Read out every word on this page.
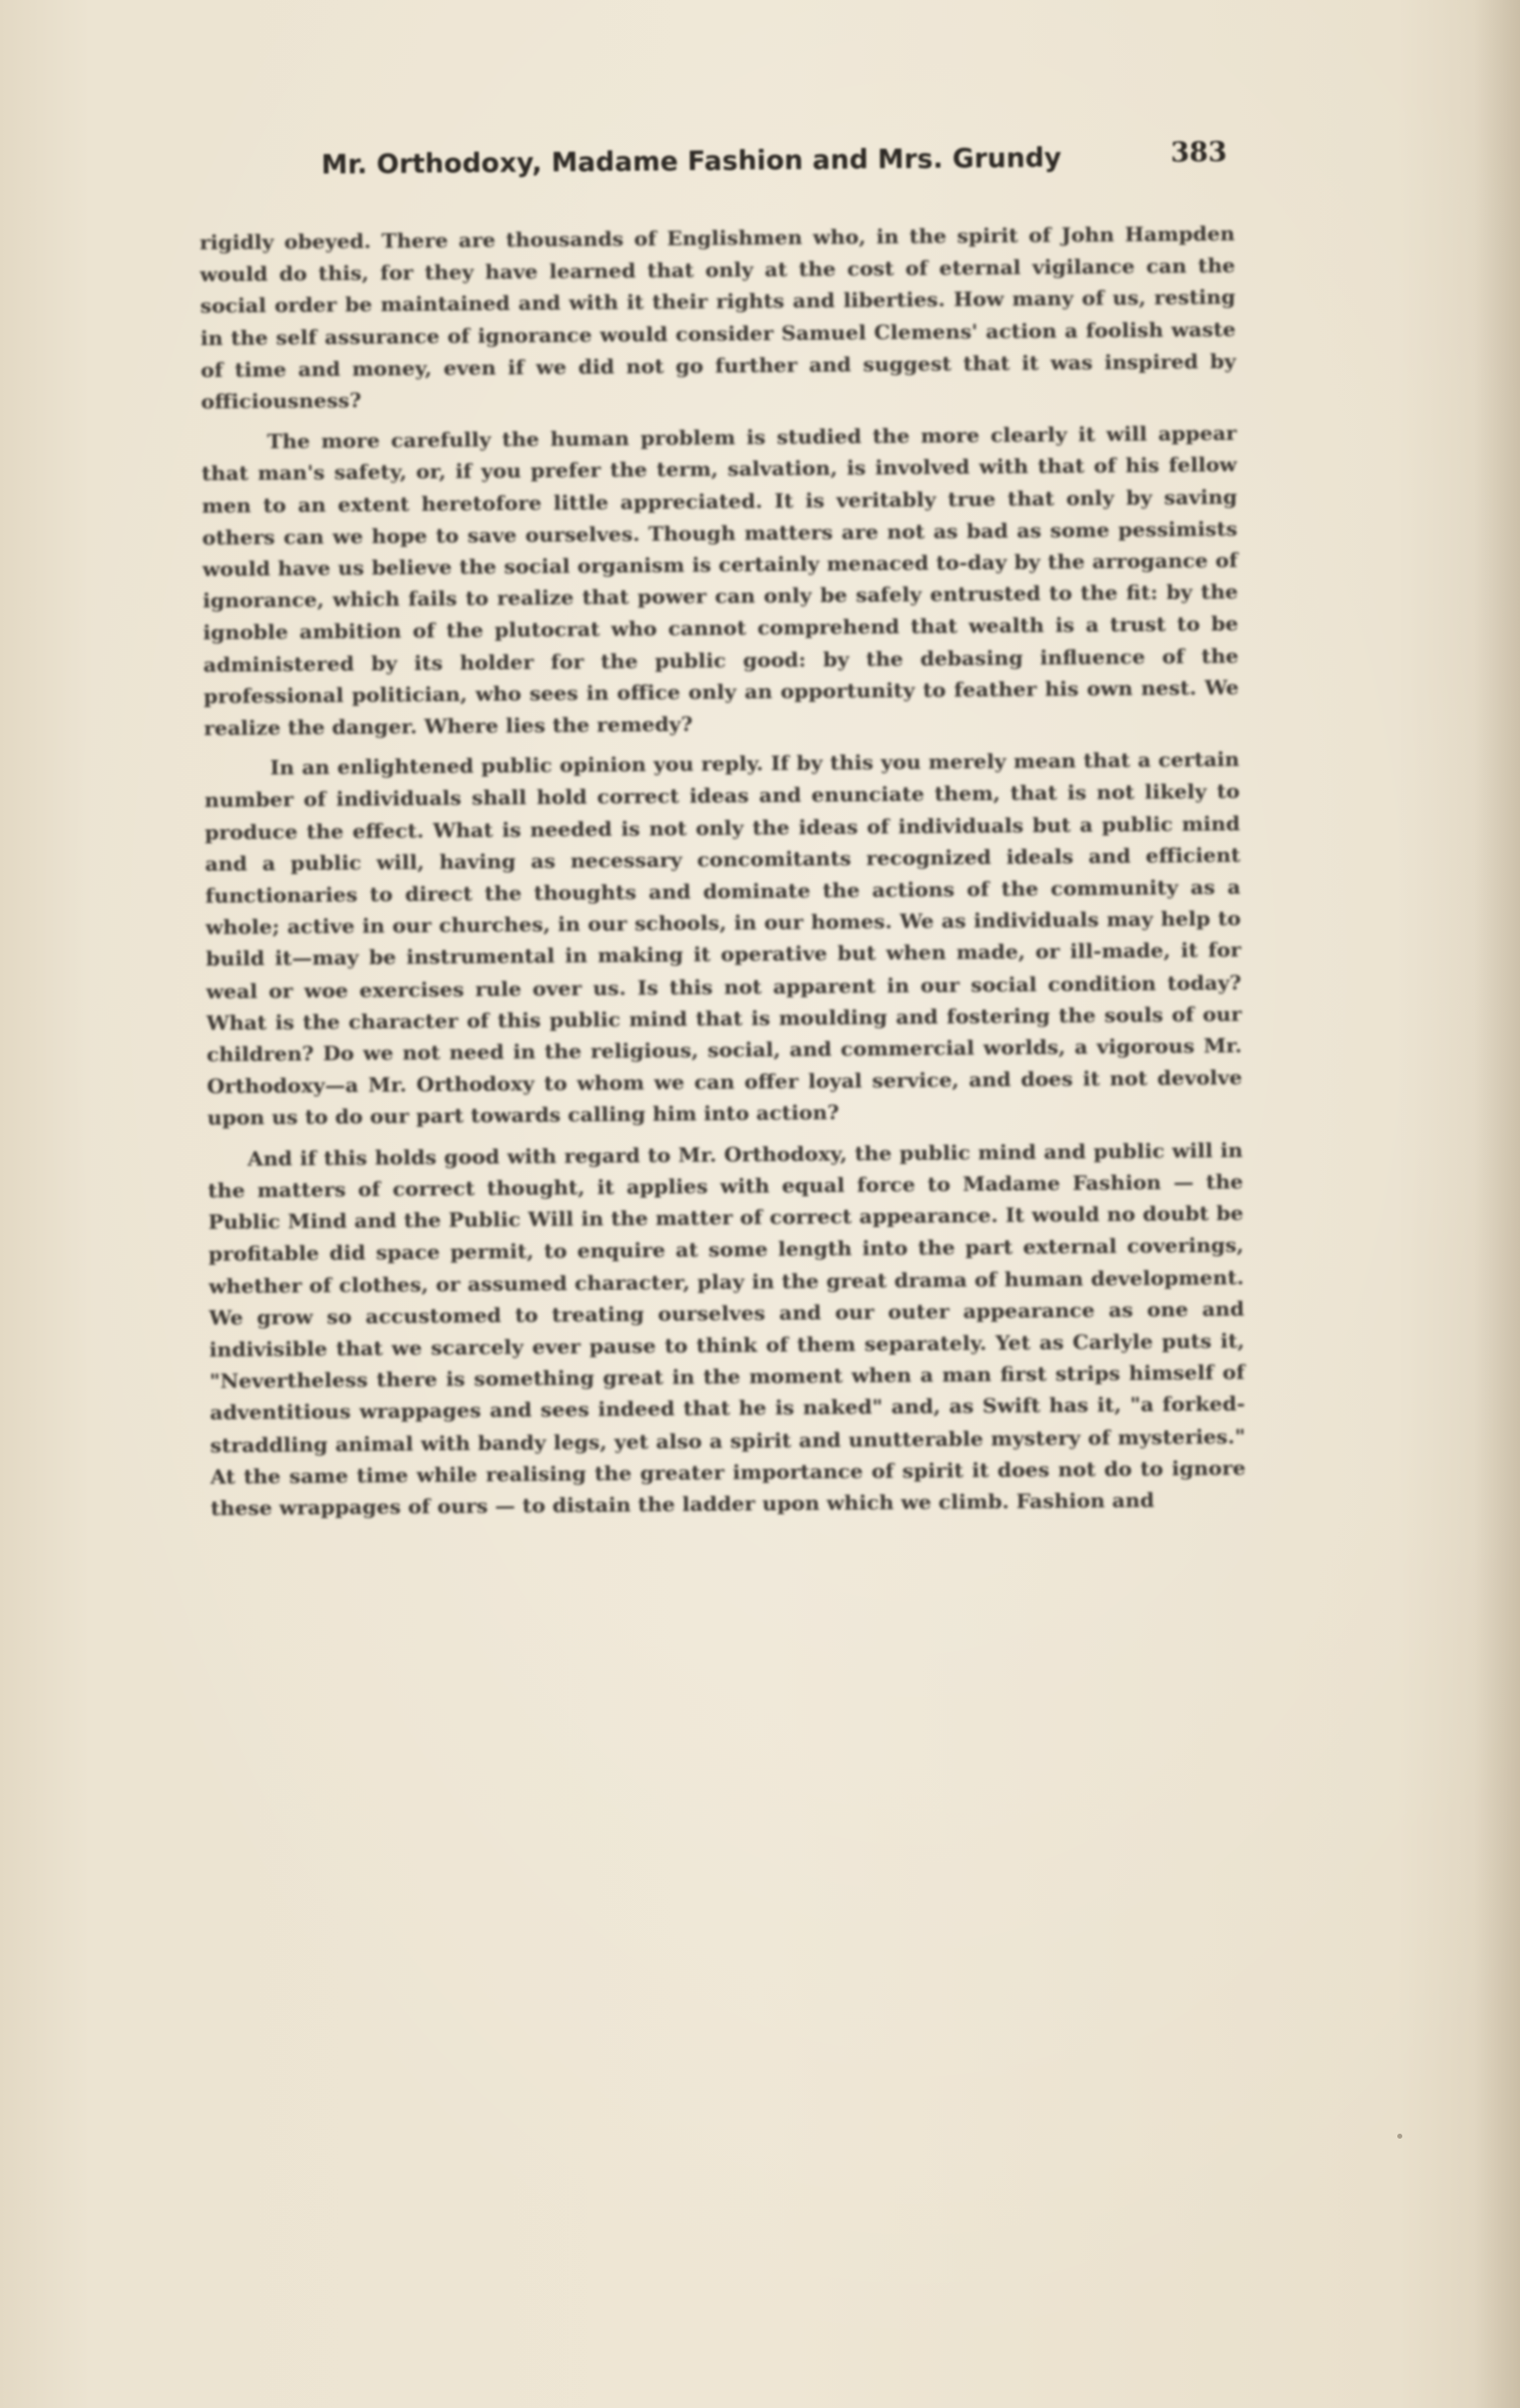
Mr. Orthodoxy, Madame Fashion and Mrs. Grundy	383

rigidly obeyed. There are thousands of Englishmen who, in the spirit of John Hampden would do this, for they have learned that only at the cost of eternal vigilance can the social order be maintained and with it their rights and liberties. How many of us, resting in the self assurance of ignorance would consider Samuel Clemens' action a foolish waste of time and money, even if we did not go further and suggest that it was inspired by officiousness?

The more carefully the human problem is studied the more clearly it will appear that man's safety, or, if you prefer the term, salvation, is involved with that of his fellow men to an extent heretofore little appreciated. It is veritably true that only by saving others can we hope to save ourselves. Though matters are not as bad as some pessimists would have us believe the social organism is certainly menaced to-day by the arrogance of ignorance, which fails to realize that power can only be safely entrusted to the fit: by the ignoble ambition of the plutocrat who cannot comprehend that wealth is a trust to be administered by its holder for the public good: by the debasing influence of the professional politician, who sees in office only an opportunity to feather his own nest. We realize the danger. Where lies the remedy?

In an enlightened public opinion you reply. If by this you merely mean that a certain number of individuals shall hold correct ideas and enunciate them, that is not likely to produce the effect. What is needed is not only the ideas of individuals but a public mind and a public will, having as necessary concomitants recognized ideals and efficient functionaries to direct the thoughts and dominate the actions of the community as a whole; active in our churches, in our schools, in our homes. We as individuals may help to build it—may be instrumental in making it operative but when made, or ill-made, it for weal or woe exercises rule over us. Is this not apparent in our social condition today? What is the character of this public mind that is moulding and fostering the souls of our children? Do we not need in the religious, social, and commercial worlds, a vigorous Mr. Orthodoxy—a Mr. Orthodoxy to whom we can offer loyal service, and does it not devolve upon us to do our part towards calling him into action?

And if this holds good with regard to Mr. Orthodoxy, the public mind and public will in the matters of correct thought, it applies with equal force to Madame Fashion — the Public Mind and the Public Will in the matter of correct appearance. It would no doubt be profitable did space permit, to enquire at some length into the part external coverings, whether of clothes, or assumed character, play in the great drama of human development. We grow so accustomed to treating ourselves and our outer appearance as one and indivisible that we scarcely ever pause to think of them separately. Yet as Carlyle puts it, "Nevertheless there is something great in the moment when a man first strips himself of adventitious wrappages and sees indeed that he is naked" and, as Swift has it, "a forked-straddling animal with bandy legs, yet also a spirit and unutterable mystery of mysteries." At the same time while realising the greater importance of spirit it does not do to ignore these wrappages of ours — to distain the ladder upon which we climb. Fashion and
